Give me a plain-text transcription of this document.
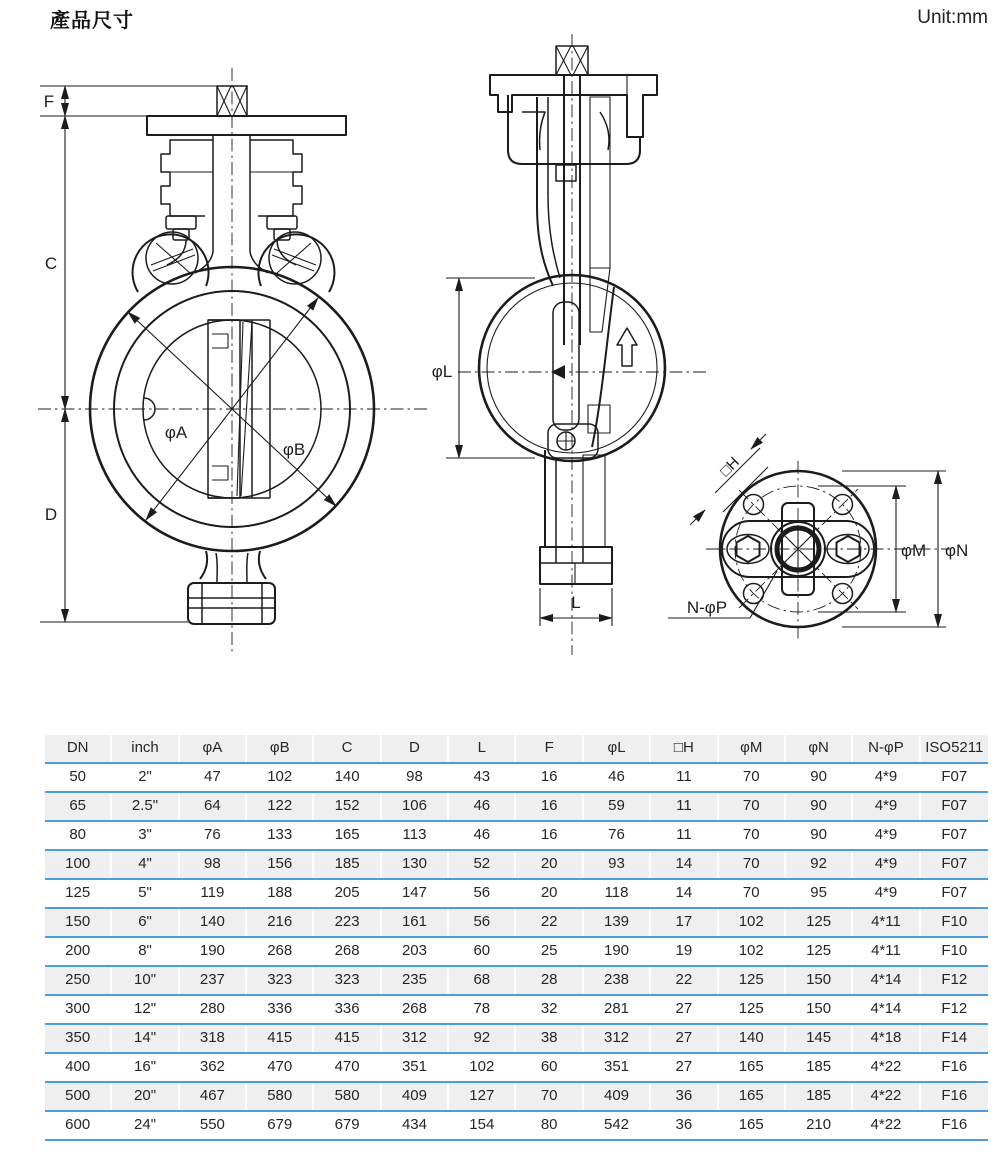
F
C
D
φA
φB
φL
L
□H
N-φP
φM φN
產品尺寸	Unit:mm
DN	inch	φA	φB	C	D	L	F	φL	□H	φM	φN	N-φP	ISO5211
50	2"	47	102	140	98	43	16	46	11	70	90	4*9	F07
65	2.5"	64	122	152	106	46	16	59	11	70	90	4*9	F07
80	3"	76	133	165	113	46	16	76	11	70	90	4*9	F07
100	4"	98	156	185	130	52	20	93	14	70	92	4*9	F07
125	5"	119	188	205	147	56	20	118	14	70	95	4*9	F07
150	6"	140	216	223	161	56	22	139	17	102	125	4*11	F10
200	8"	190	268	268	203	60	25	190	19	102	125	4*11	F10
250	10"	237	323	323	235	68	28	238	22	125	150	4*14	F12
300	12"	280	336	336	268	78	32	281	27	125	150	4*14	F12
350	14"	318	415	415	312	92	38	312	27	140	145	4*18	F14
400	16"	362	470	470	351	102	60	351	27	165	185	4*22	F16
500	20"	467	580	580	409	127	70	409	36	165	185	4*22	F16
600	24"	550	679	679	434	154	80	542	36	165	210	4*22	F16
